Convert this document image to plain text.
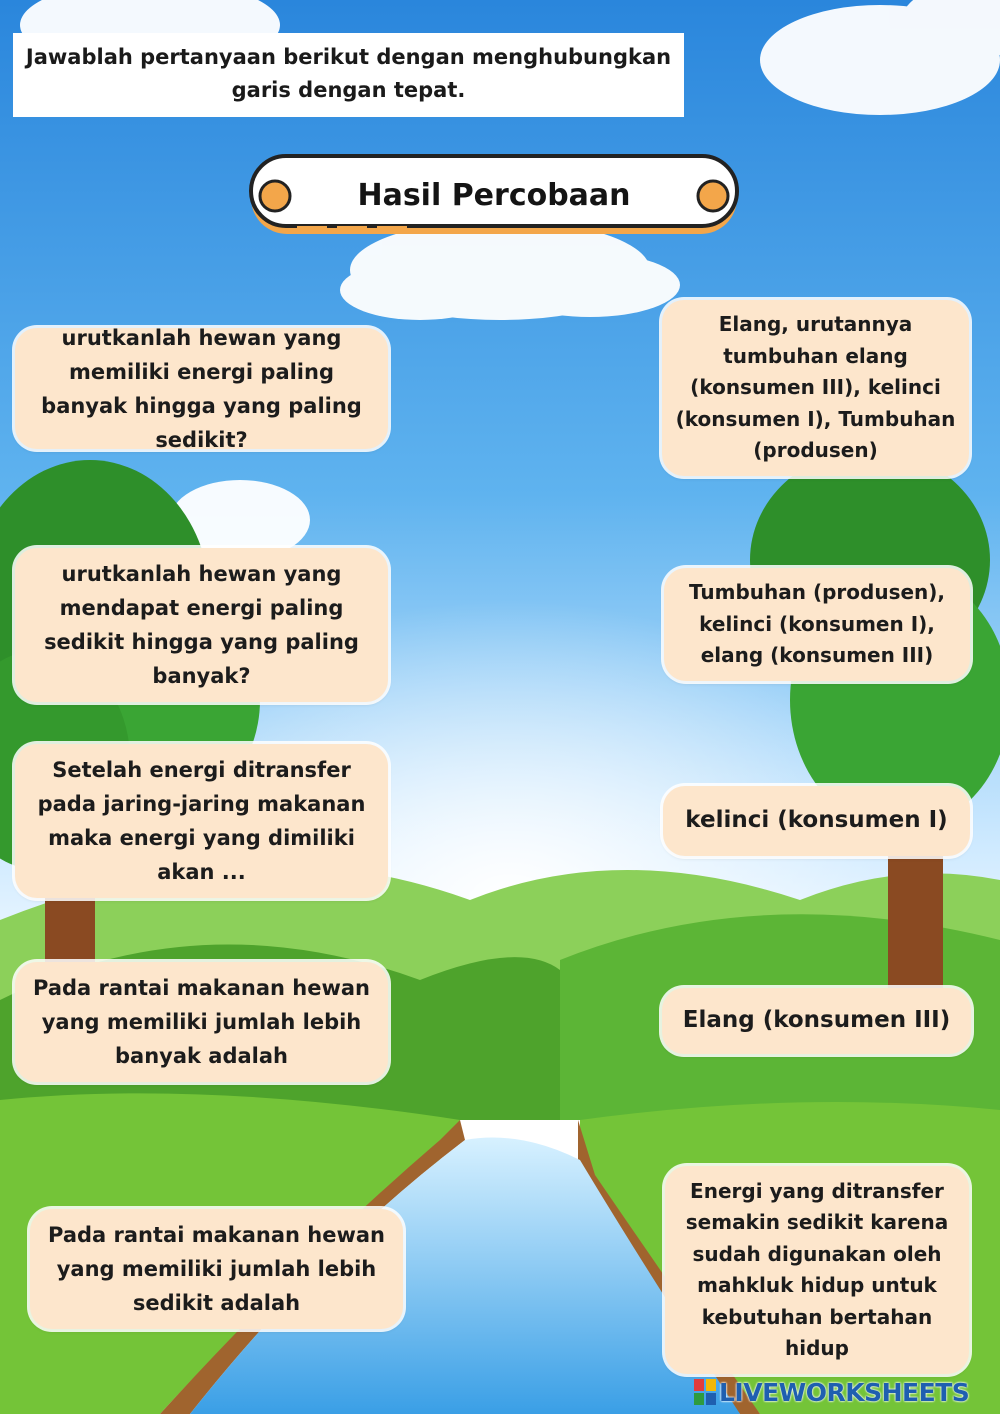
Jawablah pertanyaan berikut dengan menghubungkan garis dengan tepat.
Hasil Percobaan
urutkanlah hewan yang memiliki energi paling banyak hingga yang paling sedikit?
urutkanlah hewan yang mendapat energi paling sedikit hingga yang paling banyak?
Setelah energi ditransfer pada jaring-jaring makanan maka energi yang dimiliki akan ...
Pada rantai makanan hewan yang memiliki jumlah lebih banyak adalah
Pada rantai makanan hewan yang memiliki jumlah lebih sedikit adalah
Elang, urutannya tumbuhan elang (konsumen III), kelinci (konsumen I), Tumbuhan (produsen)
Tumbuhan (produsen), kelinci (konsumen I), elang (konsumen III)
kelinci (konsumen I)
Elang (konsumen III)
Energi yang ditransfer semakin sedikit karena sudah digunakan oleh mahkluk hidup untuk kebutuhan bertahan hidup
LIVEWORKSHEETS
